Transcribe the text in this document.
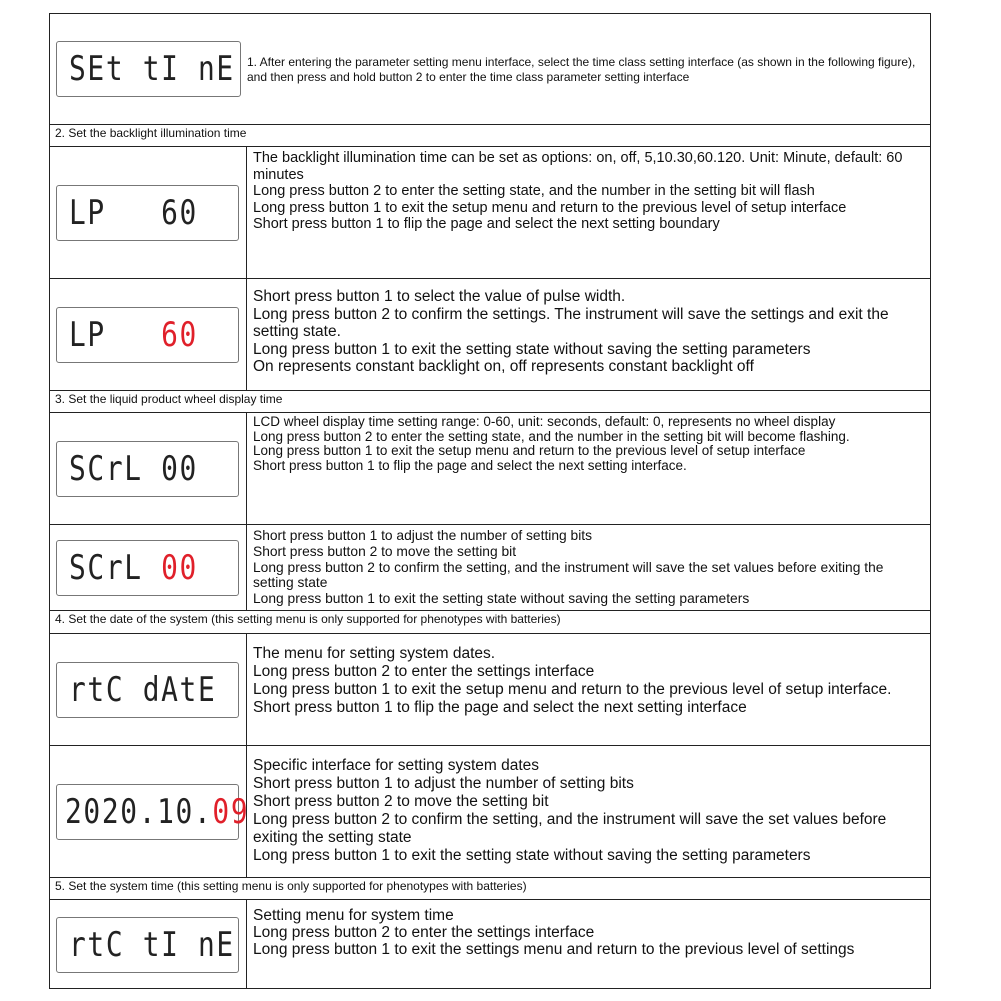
SEt tI nE	1. After entering the parameter setting menu interface, select the time class setting interface (as shown in the following figure), and then press and hold button 2 to enter the time class parameter setting interface
2. Set the backlight illumination time
LP   60
The backlight illumination time can be set as options: on, off, 5,10.30,60.120. Unit: Minute, default: 60 minutes
Long press button 2 to enter the setting state, and the number in the setting bit will flash
Long press button 1 to exit the setup menu and return to the previous level of setup interface
Short press button 1 to flip the page and select the next setting boundary
LP   60
Short press button 1 to select the value of pulse width.
Long press button 2 to confirm the settings. The instrument will save the settings and exit the setting state.
Long press button 1 to exit the setting state without saving the setting parameters
On represents constant backlight on, off represents constant backlight off
3. Set the liquid product wheel display time
SCrL 00
LCD wheel display time setting range: 0-60, unit: seconds, default: 0, represents no wheel display
Long press button 2 to enter the setting state, and the number in the setting bit will become flashing.
Long press button 1 to exit the setup menu and return to the previous level of setup interface
Short press button 1 to flip the page and select the next setting interface.
SCrL 00
Short press button 1 to adjust the number of setting bits
Short press button 2 to move the setting bit
Long press button 2 to confirm the setting, and the instrument will save the set values before exiting the setting state
Long press button 1 to exit the setting state without saving the setting parameters
4. Set the date of the system (this setting menu is only supported for phenotypes with batteries)
rtC dAtE
The menu for setting system dates.
Long press button 2 to enter the settings interface
Long press button 1 to exit the setup menu and return to the previous level of setup interface.
Short press button 1 to flip the page and select the next setting interface
2020.10.09
Specific interface for setting system dates
Short press button 1 to adjust the number of setting bits
Short press button 2 to move the setting bit
Long press button 2 to confirm the setting, and the instrument will save the set values before exiting the setting state
Long press button 1 to exit the setting state without saving the setting parameters
5. Set the system time (this setting menu is only supported for phenotypes with batteries)
rtC tI nE
Setting menu for system time
Long press button 2 to enter the settings interface
Long press button 1 to exit the settings menu and return to the previous level of settings
